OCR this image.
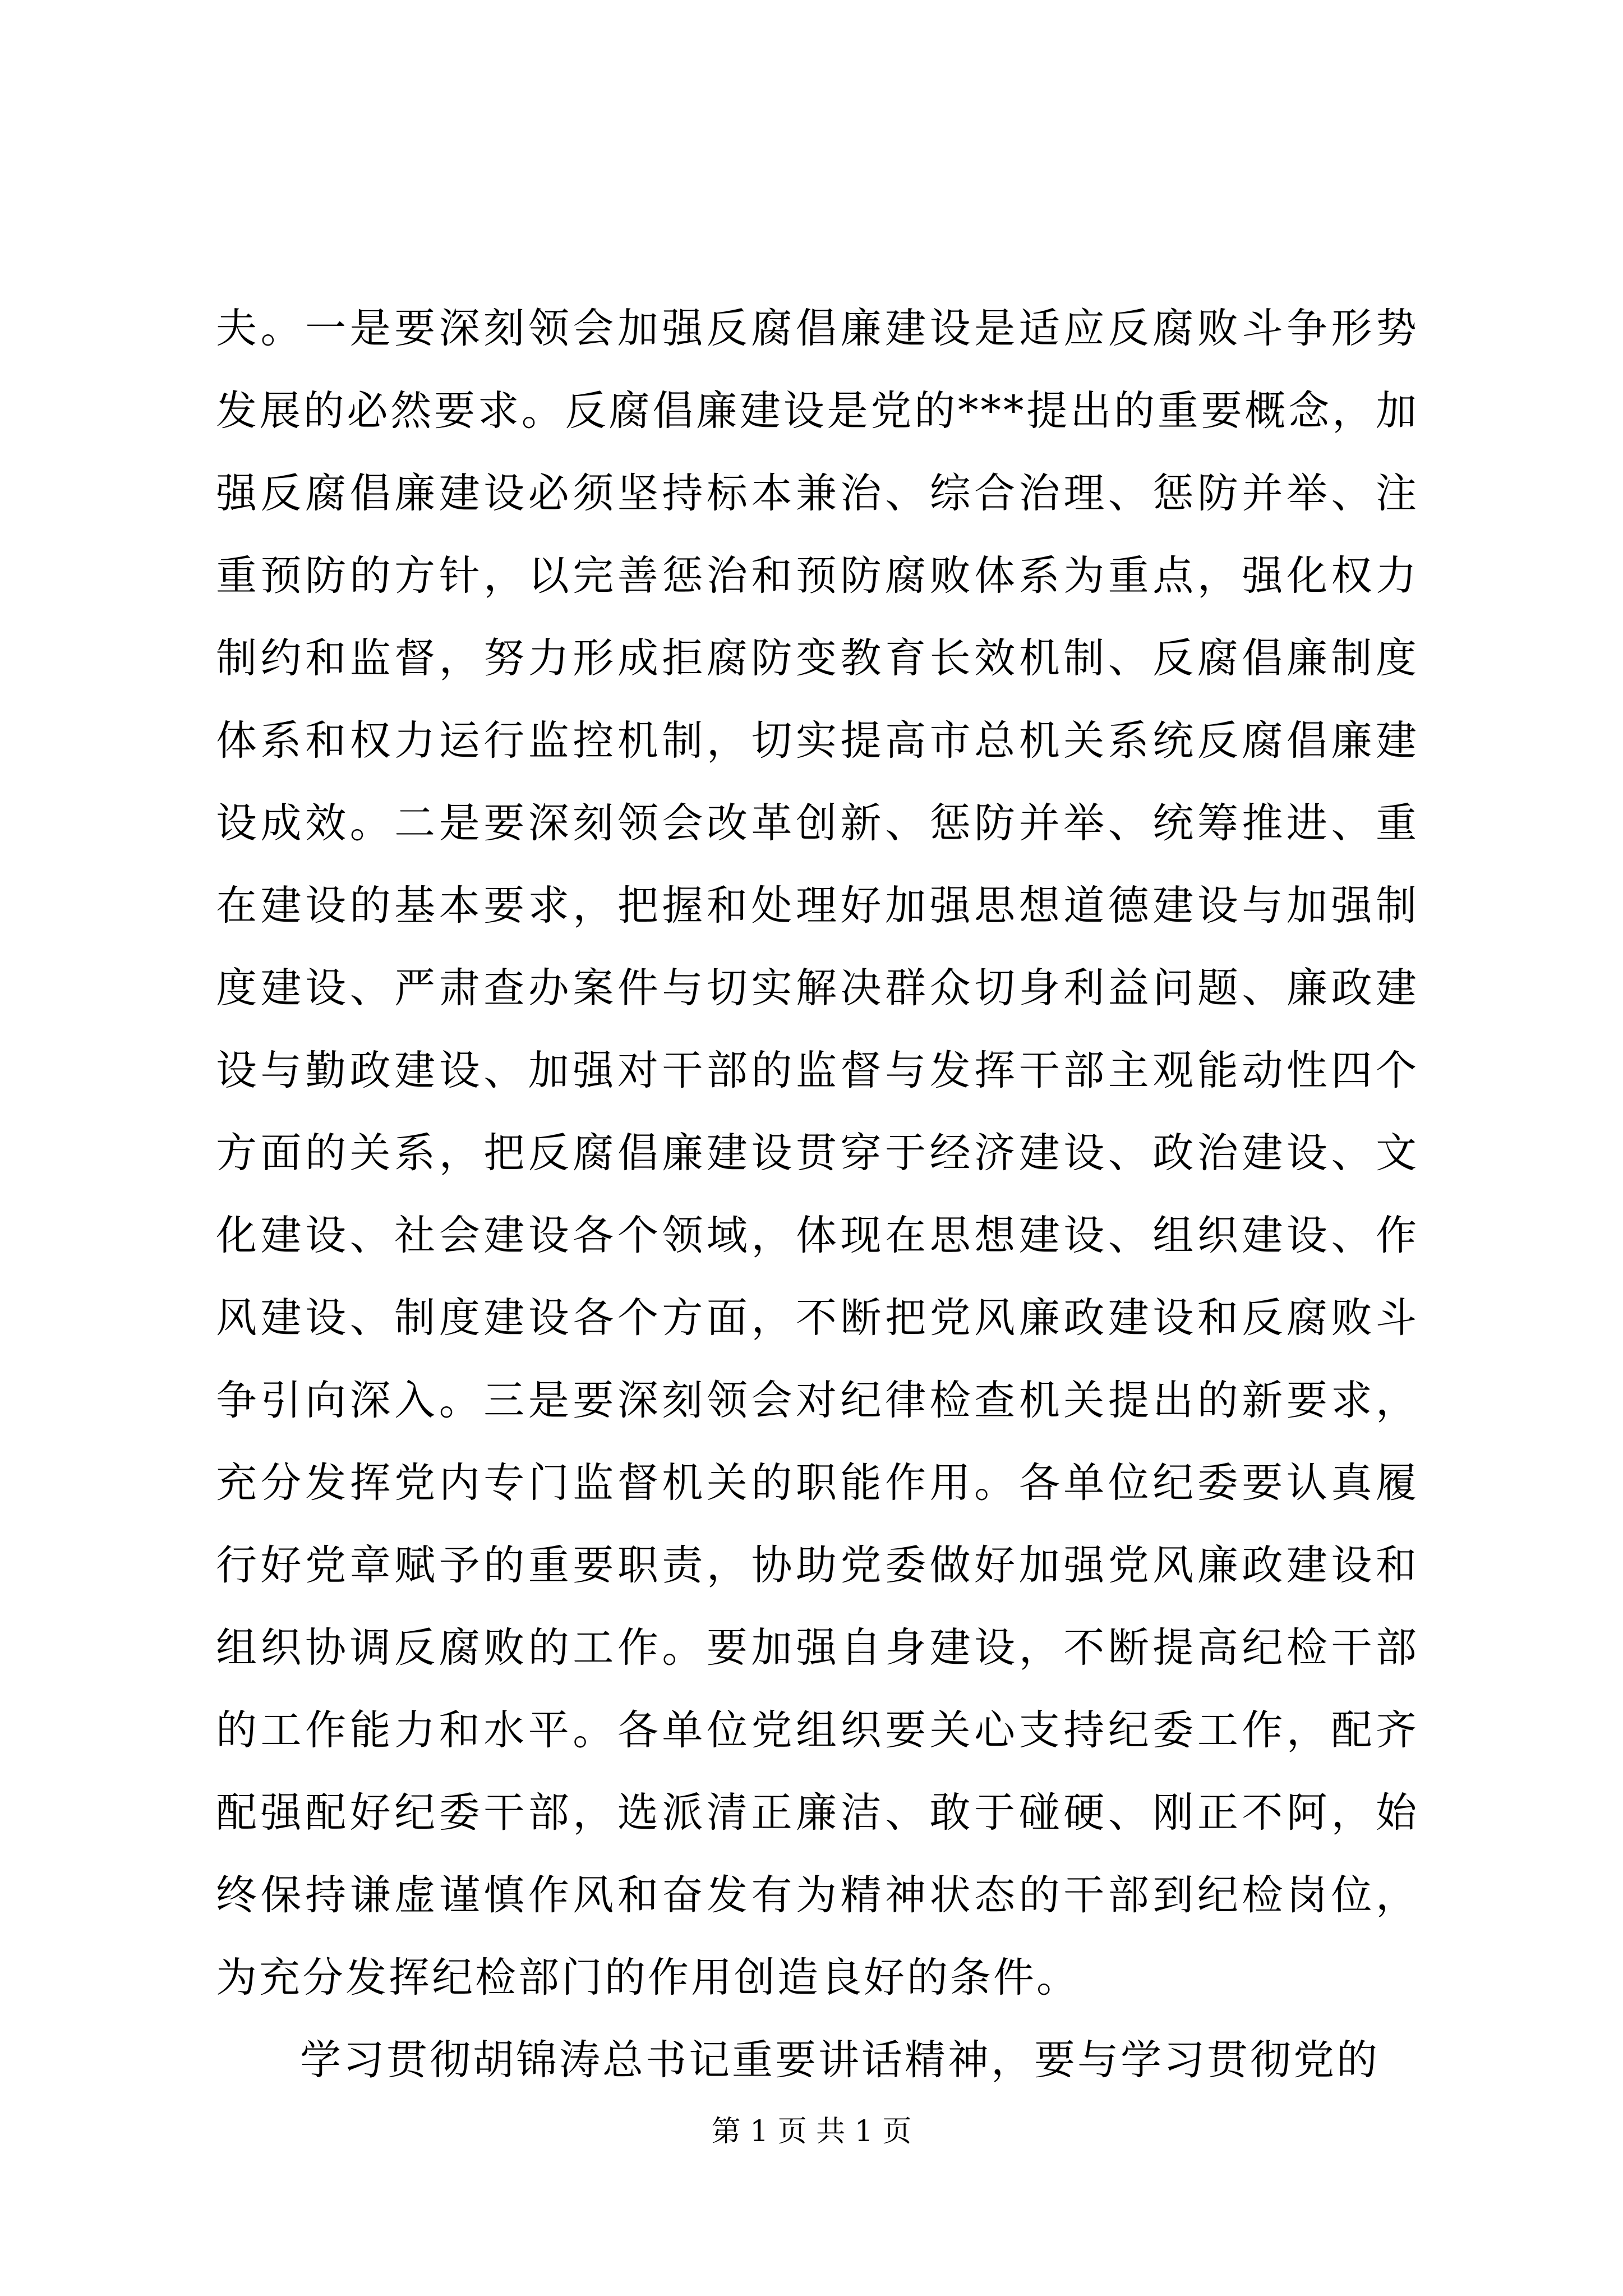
夫。一是要深刻领会加强反腐倡廉建设是适应反腐败斗争形势发展的必然要求。反腐倡廉建设是党的***提出的重要概念，加强反腐倡廉建设必须坚持标本兼治、综合治理、惩防并举、注重预防的方针，以完善惩治和预防腐败体系为重点，强化权力制约和监督，努力形成拒腐防变教育长效机制、反腐倡廉制度体系和权力运行监控机制，切实提高市总机关系统反腐倡廉建设成效。二是要深刻领会改革创新、惩防并举、统筹推进、重在建设的基本要求，把握和处理好加强思想道德建设与加强制度建设、严肃查办案件与切实解决群众切身利益问题、廉政建设与勤政建设、加强对干部的监督与发挥干部主观能动性四个方面的关系，把反腐倡廉建设贯穿于经济建设、政治建设、文化建设、社会建设各个领域，体现在思想建设、组织建设、作风建设、制度建设各个方面，不断把党风廉政建设和反腐败斗争引向深入。三是要深刻领会对纪律检查机关提出的新要求，充分发挥党内专门监督机关的职能作用。各单位纪委要认真履行好党章赋予的重要职责，协助党委做好加强党风廉政建设和组织协调反腐败的工作。要加强自身建设，不断提高纪检干部的工作能力和水平。各单位党组织要关心支持纪委工作，配齐配强配好纪委干部，选派清正廉洁、敢于碰硬、刚正不阿，始终保持谦虚谨慎作风和奋发有为精神状态的干部到纪检岗位，为充分发挥纪检部门的作用创造良好的条件。

学习贯彻胡锦涛总书记重要讲话精神，要与学习贯彻党的

第 1 页 共 1 页
